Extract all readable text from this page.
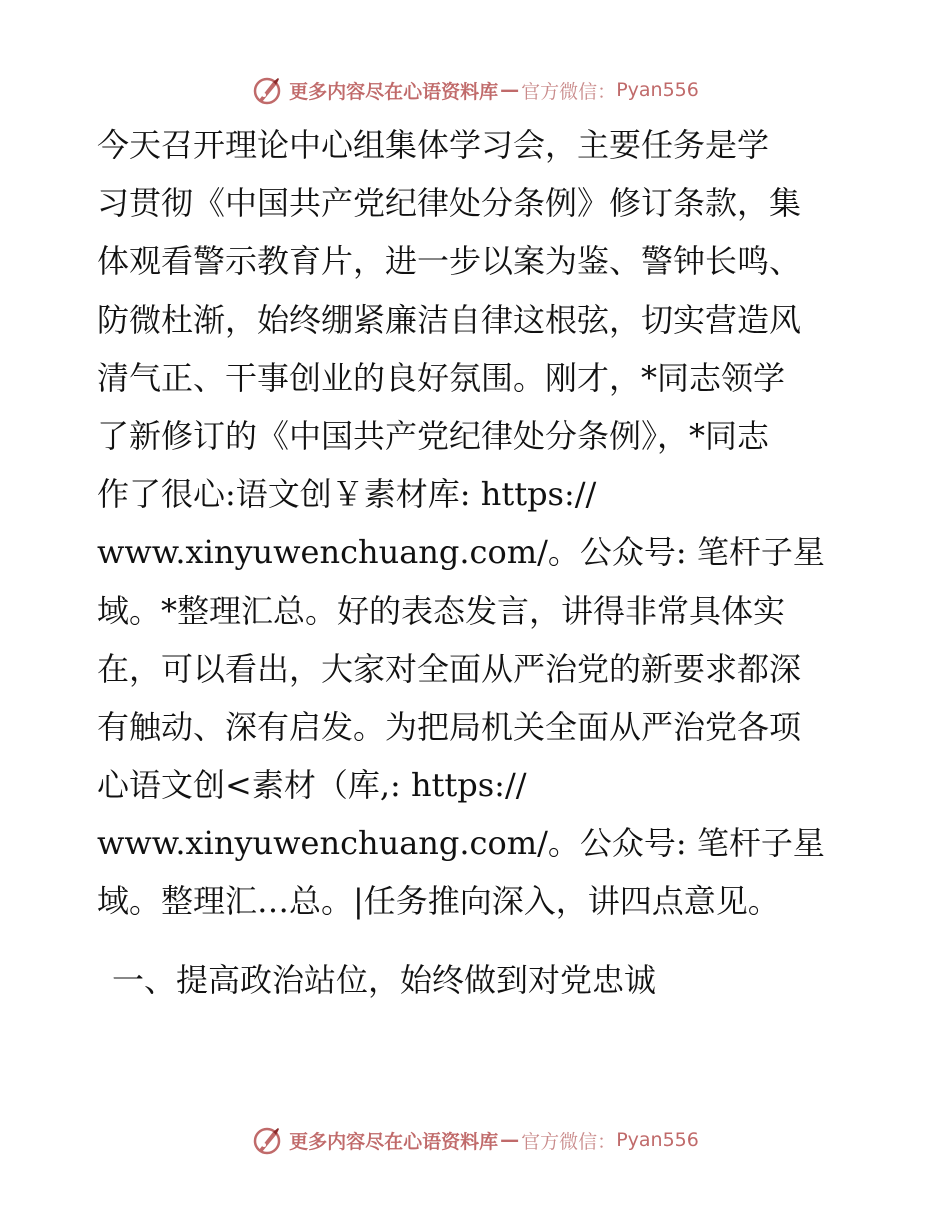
更多内容尽在心语资料库 — 官方微信： Pyan556
今天召开理论中心组集体学习会，主要任务是学
习贯彻《中国共产党纪律处分条例》修订条款，集
体观看警示教育片，进一步以案为鉴、警钟长鸣、
防微杜渐，始终绷紧廉洁自律这根弦，切实营造风
清气正、干事创业的良好氛围。刚才，*同志领学
了新修订的《中国共产党纪律处分条例》，*同志
作了很心:语文创￥素材库: https://
www.xinyuwenchuang.com/。公众号: 笔杆子星
域。*整理汇总。好的表态发言，讲得非常具体实
在，可以看出，大家对全面从严治党的新要求都深
有触动、深有启发。为把局机关全面从严治党各项
心语文创<素材（库,: https://
www.xinyuwenchuang.com/。公众号: 笔杆子星
域。整理汇…总。|任务推向深入，讲四点意见。
一、提高政治站位，始终做到对党忠诚
更多内容尽在心语资料库 — 官方微信： Pyan556
